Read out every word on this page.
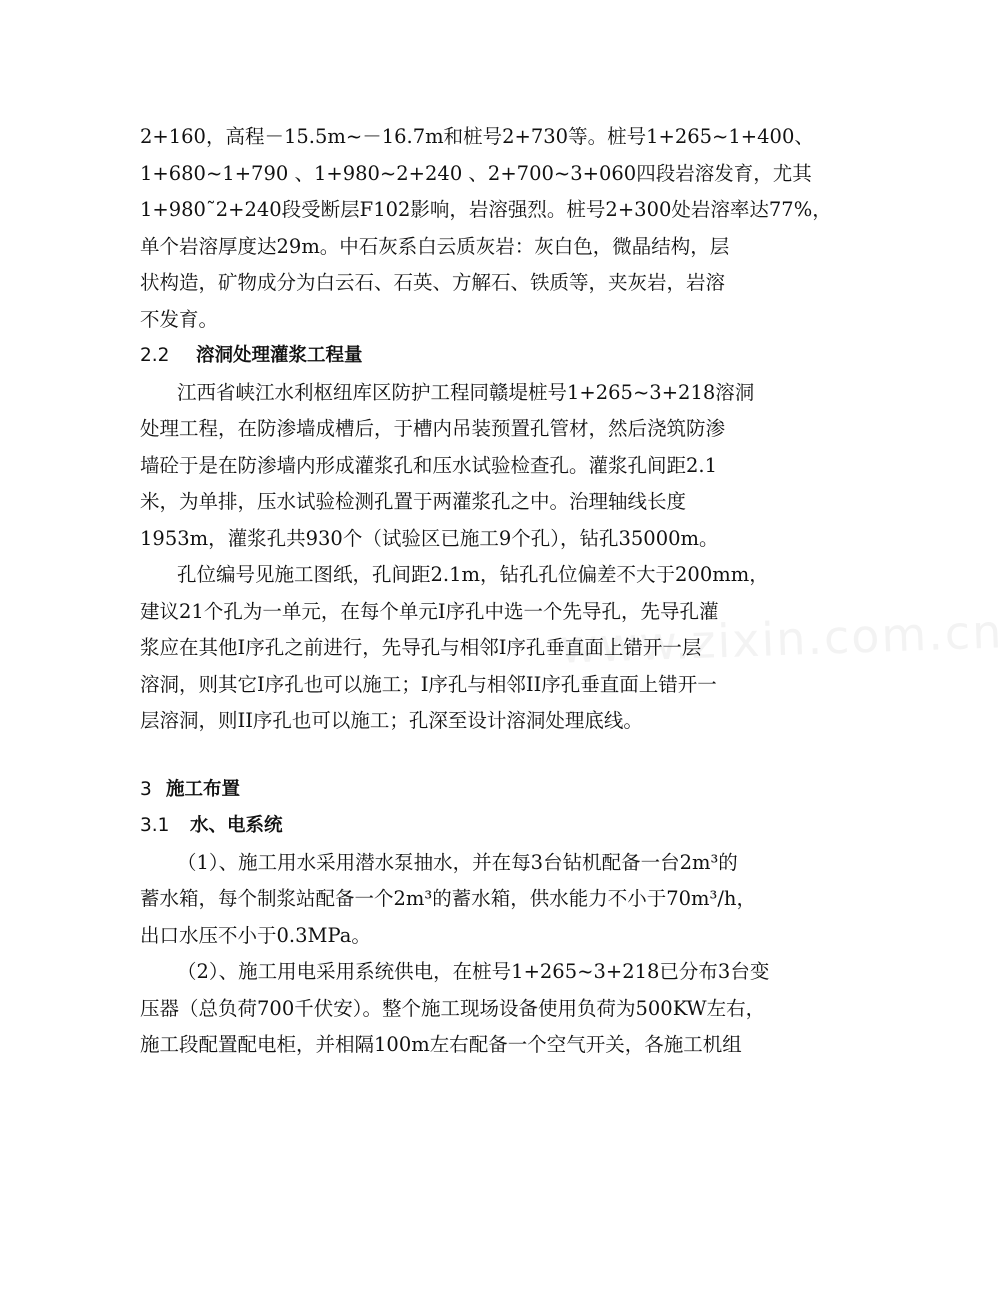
www.zixin.com.cn
2+160，高程－15.5m~－16.7m和桩号2+730等。桩号1+265~1+400、
1+680~1+790 、1+980~2+240 、2+700~3+060四段岩溶发育，尤其
1+980˜2+240段受断层F102影响，岩溶强烈。桩号2+300处岩溶率达77%，
单个岩溶厚度达29m。中石灰系白云质灰岩：灰白色，微晶结构，层
状构造，矿物成分为白云石、石英、方解石、铁质等，夹灰岩，岩溶
不发育。
2.2 溶洞处理灌浆工程量
江西省峡江水利枢纽库区防护工程同赣堤桩号1+265~3+218溶洞
处理工程，在防渗墙成槽后，于槽内吊装预置孔管材，然后浇筑防渗
墙砼于是在防渗墙内形成灌浆孔和压水试验检查孔。灌浆孔间距2.1
米，为单排，压水试验检测孔置于两灌浆孔之中。治理轴线长度
1953m，灌浆孔共930个（试验区已施工9个孔），钻孔35000m。
孔位编号见施工图纸，孔间距2.1m，钻孔孔位偏差不大于200mm，
建议21个孔为一单元，在每个单元I序孔中选一个先导孔，先导孔灌
浆应在其他Ⅰ序孔之前进行，先导孔与相邻I序孔垂直面上错开一层
溶洞，则其它I序孔也可以施工；I序孔与相邻II序孔垂直面上错开一
层溶洞，则II序孔也可以施工；孔深至设计溶洞处理底线。
3 施工布置
3.1 水、电系统
（1）、施工用水采用潜水泵抽水，并在每3台钻机配备一台2m³的
蓄水箱，每个制浆站配备一个2m³的蓄水箱，供水能力不小于70m³/h，
出口水压不小于0.3MPa。
（2）、施工用电采用系统供电，在桩号1+265~3+218已分布3台变
压器（总负荷700千伏安）。整个施工现场设备使用负荷为500KW左右，
施工段配置配电柜，并相隔100m左右配备一个空气开关，各施工机组
